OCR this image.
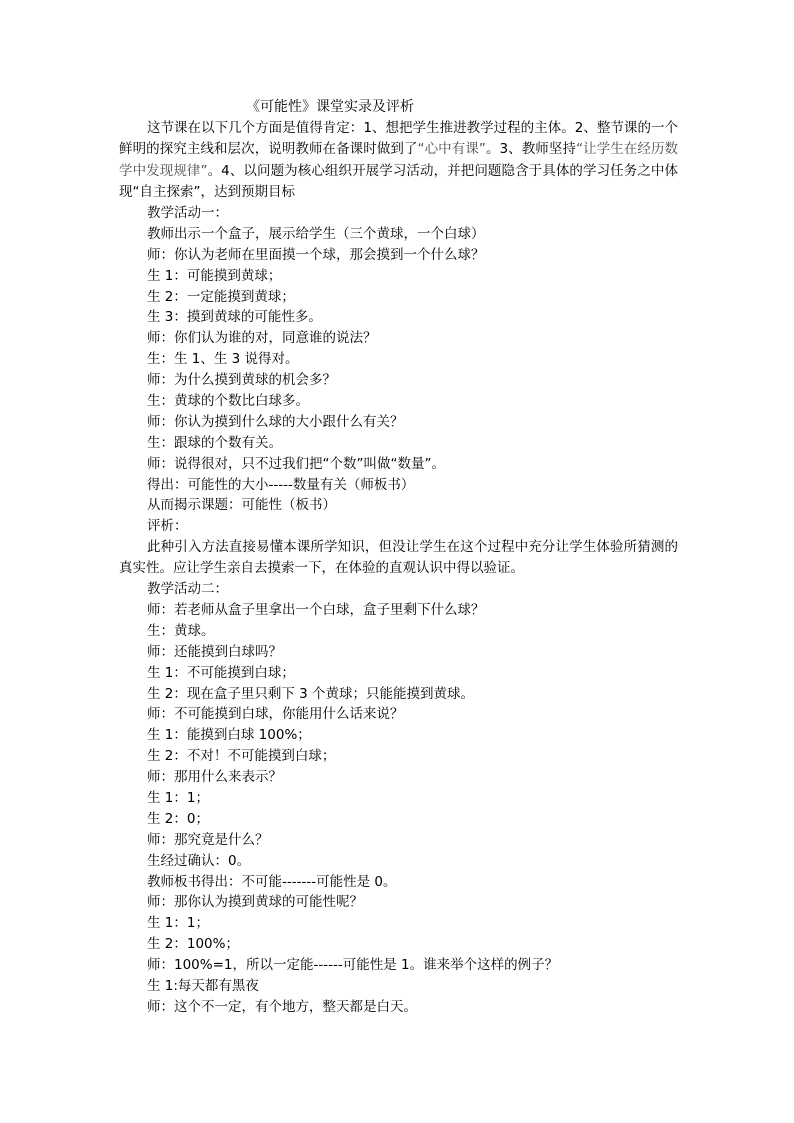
《可能性》课堂实录及评析
这节课在以下几个方面是值得肯定：1、想把学生推进教学过程的主体。2、整节课的一个鲜明的探究主线和层次，说明教师在备课时做到了“心中有课”。3、教师坚持“让学生在经历数学中发现规律”。4、以问题为核心组织开展学习活动，并把问题隐含于具体的学习任务之中体现“自主探索”，达到预期目标
教学活动一：
教师出示一个盒子，展示给学生（三个黄球，一个白球）
师：你认为老师在里面摸一个球，那会摸到一个什么球？
生 1：可能摸到黄球；
生 2：一定能摸到黄球；
生 3：摸到黄球的可能性多。
师：你们认为谁的对，同意谁的说法？
生：生 1、生 3 说得对。
师：为什么摸到黄球的机会多？
生：黄球的个数比白球多。
师：你认为摸到什么球的大小跟什么有关？
生：跟球的个数有关。
师：说得很对，只不过我们把“个数”叫做“数量”。
得出：可能性的大小-----数量有关（师板书）
从而揭示课题：可能性（板书）
评析：
此种引入方法直接易懂本课所学知识，但没让学生在这个过程中充分让学生体验所猜测的真实性。应让学生亲自去摸索一下，在体验的直观认识中得以验证。
教学活动二：
师：若老师从盒子里拿出一个白球，盒子里剩下什么球？
生：黄球。
师：还能摸到白球吗？
生 1：不可能摸到白球；
生 2：现在盒子里只剩下 3 个黄球；只能能摸到黄球。
师：不可能摸到白球，你能用什么话来说？
生 1：能摸到白球 100%；
生 2：不对！不可能摸到白球；
师：那用什么来表示？
生 1：1；
生 2：0；
师：那究竟是什么？
生经过确认：0。
教师板书得出：不可能-------可能性是 0。
师：那你认为摸到黄球的可能性呢？
生 1：1；
生 2：100%；
师：100%=1，所以一定能------可能性是 1。谁来举个这样的例子？
生 1:每天都有黑夜
师：这个不一定，有个地方，整天都是白天。
